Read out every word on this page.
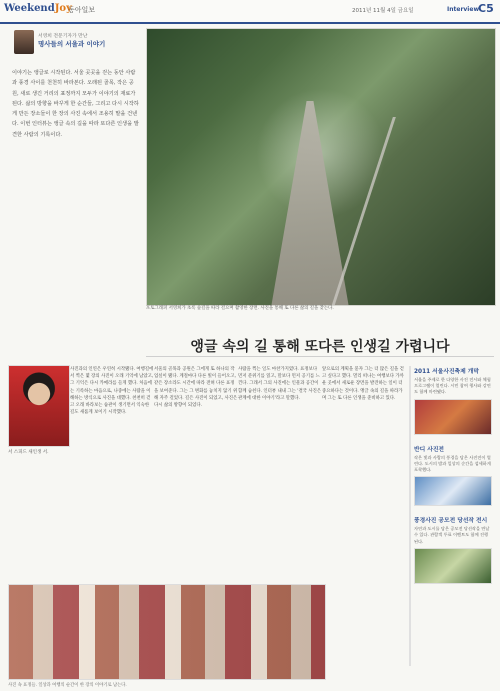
WeekendJoy
동아일보	2011년 11월 4일 금요일	Interview C5
서영희 전문기자가 만난
명사들의 서울과 이야기
이야기는 앵글로 시작된다. 서울 곳곳을 걷는 동안 사람과 풍경 사이를 천천히 바라본다. 오래된 골목, 작은 공원, 새로 생긴 거리의 표정까지 모두가 이야기의 재료가 된다. 삶의 방향을 바꾸게 한 순간들, 그리고 다시 시작하게 만든 장소들이 한 장의 사진 속에서 조용히 말을 건넨다. 이번 인터뷰는 앵글 속의 길을 따라 또다른 인생을 발견한 사람의 기록이다.
포토그래퍼 서영희가 초록 숲길을 따라 걸으며 촬영한 장면. 사진을 통해 또 다른 삶의 길을 찾는다.
앵글 속의 길 통해 또다른 인생길 가렵니다
서 스피드 새인생 서.
사진과의 인연은 우연히 시작됐다. 여행길에서 찍은 몇 장의 사진이 오래 기억에 남았고, 그 기억은 다시 카메라를 들게 했다. 처음에는 기록하는 마음으로, 나중에는 사람을 이해하는 방식으로 사진을 대했다. 천천히 걷고 오래 바라보는 습관이 생기면서 익숙한 길도 새롭게 보이기 시작했다.
서울의 골목과 공원은 그에게 또 하나의 작업실이 됐다. 계절마다 다른 빛이 들어오고, 같은 장소라도 시간에 따라 전혀 다른 표정을 보여준다. 그는 그 변화를 놓치지 않기 위해 자주 걸었다. 길은 사진이 되었고, 사진은 다시 삶의 방향이 되었다.
사람을 찍는 일도 마찬가지였다. 표정보다 먼저 분위기를 읽고, 말보다 먼저 공기를 느낀다. 그래서 그의 사진에는 인물과 공간이 함께 숨쉰다. 인터뷰 내내 그는 '결국 사진은 관계에 대한 이야기'라고 말했다.
앞으로의 계획을 묻자 그는 더 많은 길을 걷고 싶다고 했다. 멀리 떠나는 여행보다 가까운 곳에서 새로운 장면을 발견하는 일이 더 중요하다는 것이다. 앵글 속의 길을 따라가며 그는 또 다른 인생을 준비하고 있다.
사진 속 표정들. 일상과 여행의 순간이 한 장의 이야기로 남는다.
2011 서울사진축제 개막

서울을 주제로 한 다양한 사진 전시와 체험 프로그램이 열린다. 시민 참여 행사와 강연도 함께 마련됐다.

반디 사진전

작은 빛과 사람의 풍경을 담은 사진전이 열린다. 도시의 밤과 일상의 순간을 섬세하게 포착했다.

풍경사진 공모전 당선작 전시

자연과 도시를 담은 공모전 당선작을 만날 수 있다. 관람객 투표 이벤트도 함께 진행된다.
